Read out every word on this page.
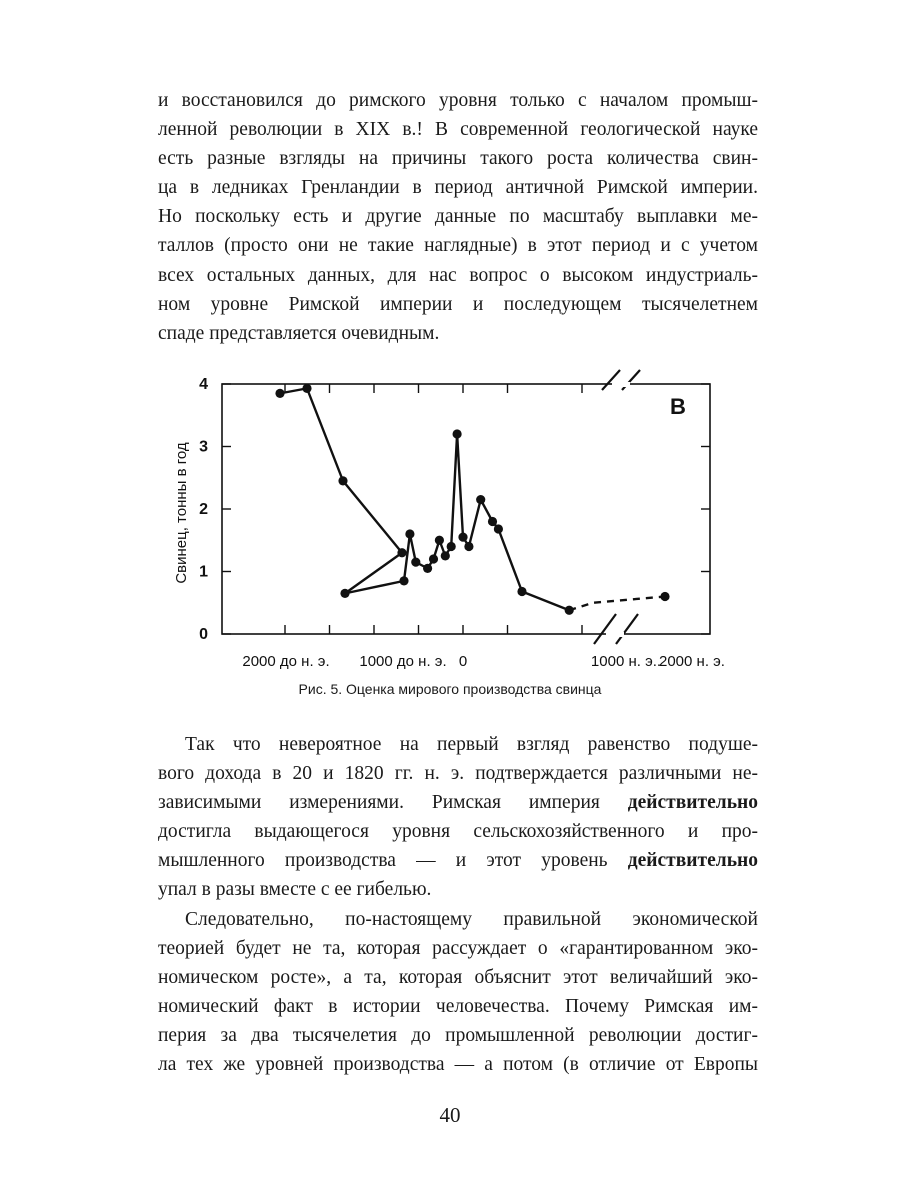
и восстановился до римского уровня только с началом промыш-
ленной революции в XIX в.! В современной геологической науке
есть разные взгляды на причины такого роста количества свин-
ца в ледниках Гренландии в период античной Римской империи.
Но поскольку есть и другие данные по масштабу выплавки ме-
таллов (просто они не такие наглядные) в этот период и с учетом
всех остальных данных, для нас вопрос о высоком индустриаль-
ном уровне Римской империи и последующем тысячелетнем
спаде представляется очевидным.
0
1
2
3
4
2000 до н. э. 1000 до н. э. 0	1000 н. э..
2000 н. э.
Свинец, тонны в год
B
Рис. 5. Оценка мирового производства свинца
Так что невероятное на первый взгляд равенство подуше-
вого дохода в 20 и 1820 гг. н. э. подтверждается различными не-
зависимыми измерениями. Римская империя действительно
достигла выдающегося уровня сельскохозяйственного и про-
мышленного производства — и этот уровень действительно
упал в разы вместе с ее гибелью.
Следовательно, по-настоящему правильной экономической
теорией будет не та, которая рассуждает о «гарантированном эко-
номическом росте», а та, которая объяснит этот величайший эко-
номический факт в истории человечества. Почему Римская им-
перия за два тысячелетия до промышленной революции достиг-
ла тех же уровней производства — а потом (в отличие от Европы
40
